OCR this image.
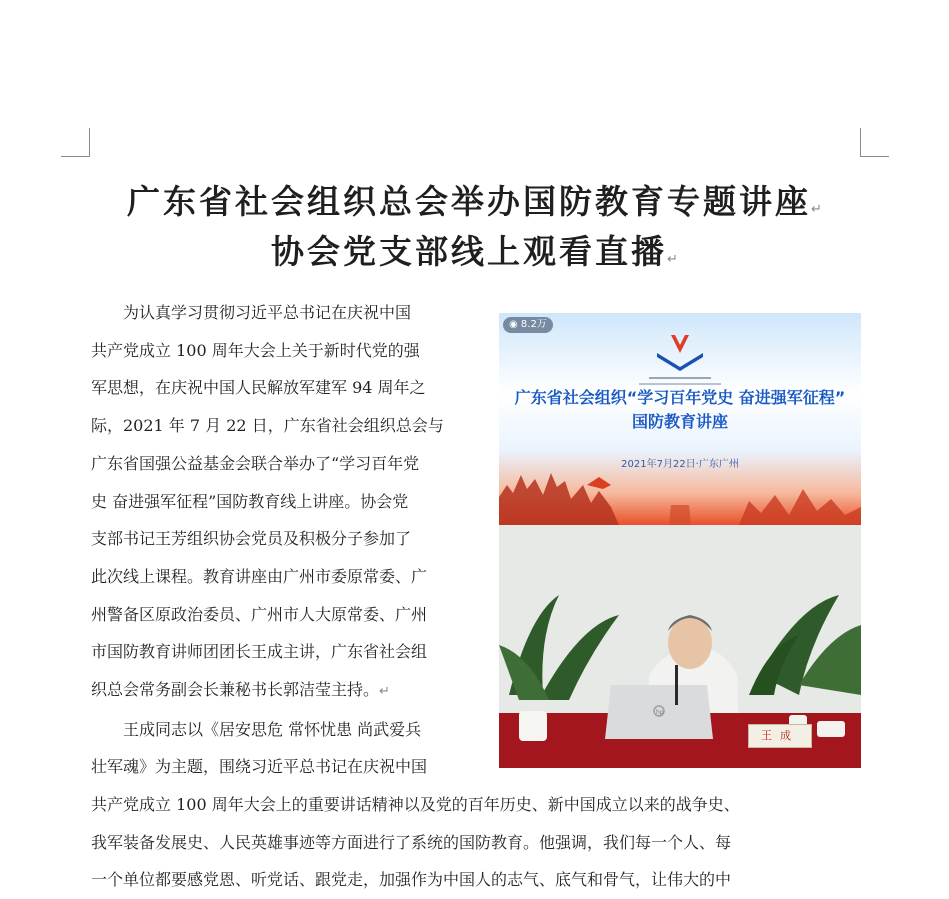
广东省社会组织总会举办国防教育专题讲座↵
协会党支部线上观看直播↵
为认真学习贯彻习近平总书记在庆祝中国
共产党成立 100 周年大会上关于新时代党的强
军思想，在庆祝中国人民解放军建军 94 周年之
际，2021 年 7 月 22 日，广东省社会组织总会与
广东省国强公益基金会联合举办了“学习百年党
史 奋进强军征程”国防教育线上讲座。协会党
支部书记王芳组织协会党员及积极分子参加了
此次线上课程。教育讲座由广州市委原常委、广
州警备区原政治委员、广州市人大原常委、广州
市国防教育讲师团团长王成主讲，广东省社会组
织总会常务副会长兼秘书长郭洁莹主持。↵
王成同志以《居安思危 常怀忧患 尚武爱兵
壮军魂》为主题，围绕习近平总书记在庆祝中国
共产党成立 100 周年大会上的重要讲话精神以及党的百年历史、新中国成立以来的战争史、
我军装备发展史、人民英雄事迹等方面进行了系统的国防教育。他强调，我们每一个人、每
一个单位都要感党恩、听党话、跟党走，加强作为中国人的志气、底气和骨气，让伟大的中
◉ 8.2万
广东省社会组织“学习百年党史 奋进强军征程”
国防教育讲座
2021年7月22日·广东广州
hp
王成
